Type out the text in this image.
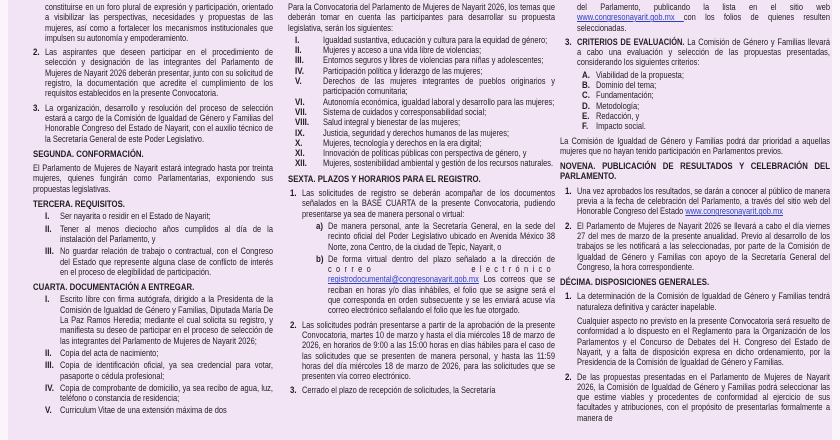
constituirse en un foro plural de expresión y participación, orientado a visibilizar las perspectivas, necesidades y propuestas de las mujeres, así como a fortalecer los mecanismos institucionales que impulsen su autonomía y empoderamiento.
Las aspirantes que deseen participar en el procedimiento de selección y designación de las integrantes del Parlamento de Mujeres de Nayarit 2026 deberán presentar, junto con su solicitud de registro, la documentación que acredite el cumplimiento de los requisitos establecidos en la presente Convocatoria.
2.
La organización, desarrollo y resolución del proceso de selección estará a cargo de la Comisión de Igualdad de Género y Familias del Honorable Congreso del Estado de Nayarit, con el auxilio técnico de la Secretaría General de este Poder Legislativo.
3.
SEGUNDA. CONFORMACIÓN.
El Parlamento de Mujeres de Nayarit estará integrado hasta por treinta mujeres, quienes fungirán como Parlamentarias, exponiendo sus propuestas legislativas.
TERCERA. REQUISITOS.
Ser nayarita o residir en el Estado de Nayarit;
I.
Tener al menos dieciocho años cumplidos al día de la instalación del Parlamento, y
II.
No guardar relación de trabajo o contractual, con el Congreso del Estado que represente alguna clase de conflicto de interés en el proceso de elegibilidad de participación.
III.
CUARTA. DOCUMENTACIÓN A ENTREGAR.
Escrito libre con firma autógrafa, dirigido a la Presidenta de la Comisión de Igualdad de Género y Familias, Diputada María De La Paz Ramos Heredia; mediante el cual solicita su registro, y manifiesta su deseo de participar en el proceso de selección de las integrantes del Parlamento de Mujeres de Nayarit 2026;
I.
Copia del acta de nacimiento;
II.
Copia de identificación oficial, ya sea credencial para votar, pasaporte o cédula profesional;
III.
Copia de comprobante de domicilio, ya sea recibo de agua, luz, teléfono o constancia de residencia;
IV.
Curriculum Vitae de una extensión máxima de dos
V.
Para la Convocatoria del Parlamento de Mujeres de Nayarit 2026, los temas que deberán tomar en cuenta las participantes para desarrollar su propuesta legislativa, serán los siguientes:
Igualdad sustantiva, educación y cultura para la equidad de género;
I.
Mujeres y acceso a una vida libre de violencias;
II.
Entornos seguros y libres de violencias para niñas y adolescentes;
III.
Participación política y liderazgo de las mujeres;
IV.
Derechos de las mujeres integrantes de pueblos originarios y participación comunitaria;
V.
Autonomía económica, igualdad laboral y desarrollo para las mujeres;
VI.
Sistema de cuidados y corresponsabilidad social;
VII.
Salud integral y bienestar de las mujeres;
VIII.
Justicia, seguridad y derechos humanos de las mujeres;
IX.
Mujeres, tecnología y derechos en la era digital;
X.
Innovación de políticas públicas con perspectiva de género, y
XI.
Mujeres, sostenibilidad ambiental y gestión de los recursos naturales.
XII.
SEXTA. PLAZOS Y HORARIOS PARA EL REGISTRO.
Las solicitudes de registro se deberán acompañar de los documentos señalados en la BASE CUARTA de la presente Convocatoria, pudiendo presentarse ya sea de manera personal o virtual:
1.
De manera personal, ante la Secretaría General, en la sede del recinto oficial del Poder Legislativo ubicado en Avenida México 38 Norte, zona Centro, de la ciudad de Tepic, Nayarit, o
a)
De forma virtual dentro del plazo señalado a la dirección de correo electrónico registrodocumental@congresonayarit.gob.mx Los correos que se reciban en horas y/o días inhábiles, el folio que se asigne será el que corresponda en orden subsecuente y se les enviará acuse vía correo electrónico señalando el folio que les fue otorgado.
b)
Las solicitudes podrán presentarse a partir de la aprobación de la presente Convocatoria, martes 10 de marzo y hasta el día miércoles 18 de marzo de 2026, en horarios de 9:00 a las 15:00 horas en días hábiles para el caso de las solicitudes que se presenten de manera personal, y hasta las 11:59 horas del día miércoles 18 de marzo de 2026, para las solicitudes que se presenten vía correo electrónico.
2.
Cerrado el plazo de recepción de solicitudes, la Secretaría
3.
del Parlamento, publicando la lista en el sitio web www.congresonayarit.gob.mx con los folios de quienes resulten seleccionadas.
CRITERIOS DE EVALUACIÓN. La Comisión de Género y Familias llevará a cabo una evaluación y selección de las propuestas presentadas, considerando los siguientes criterios:
3.
Viabilidad de la propuesta;
A.
Dominio del tema;
B.
Fundamentación;
C.
Metodología;
D.
Redacción, y
E.
Impacto social.
F.
La Comisión de Igualdad de Género y Familias podrá dar prioridad a aquellas mujeres que no hayan tenido participación en Parlamentos previos.
NOVENA. PUBLICACIÓN DE RESULTADOS Y CELEBRACIÓN DEL PARLAMENTO.
Una vez aprobados los resultados, se darán a conocer al público de manera previa a la fecha de celebración del Parlamento, a través del sitio web del Honorable Congreso del Estado www.congresonayarit.gob.mx
1.
El Parlamento de Mujeres de Nayarit 2026 se llevará a cabo el día viernes 27 del mes de marzo de la presente anualidad. Previo al desarrollo de los trabajos se les notificará a las seleccionadas, por parte de la Comisión de Igualdad de Género y Familias con apoyo de la Secretaría General del Congreso, la hora correspondiente.
2.
DÉCIMA. DISPOSICIONES GENERALES.
La determinación de la Comisión de Igualdad de Género y Familias tendrá naturaleza definitiva y carácter inapelable.
1.
Cualquier aspecto no previsto en la presente Convocatoria será resuelto de conformidad a lo dispuesto en el Reglamento para la Organización de los Parlamentos y el Concurso de Debates del H. Congreso del Estado de Nayarit, y a falta de disposición expresa en dicho ordenamiento, por la Presidencia de la Comisión de Igualdad de Género y Familias.
De las propuestas presentadas en el Parlamento de Mujeres de Nayarit 2026, la Comisión de Igualdad de Género y Familias podrá seleccionar las que estime viables y procedentes de conformidad al ejercicio de sus facultades y atribuciones, con el propósito de presentarlas formalmente a manera de
2.
